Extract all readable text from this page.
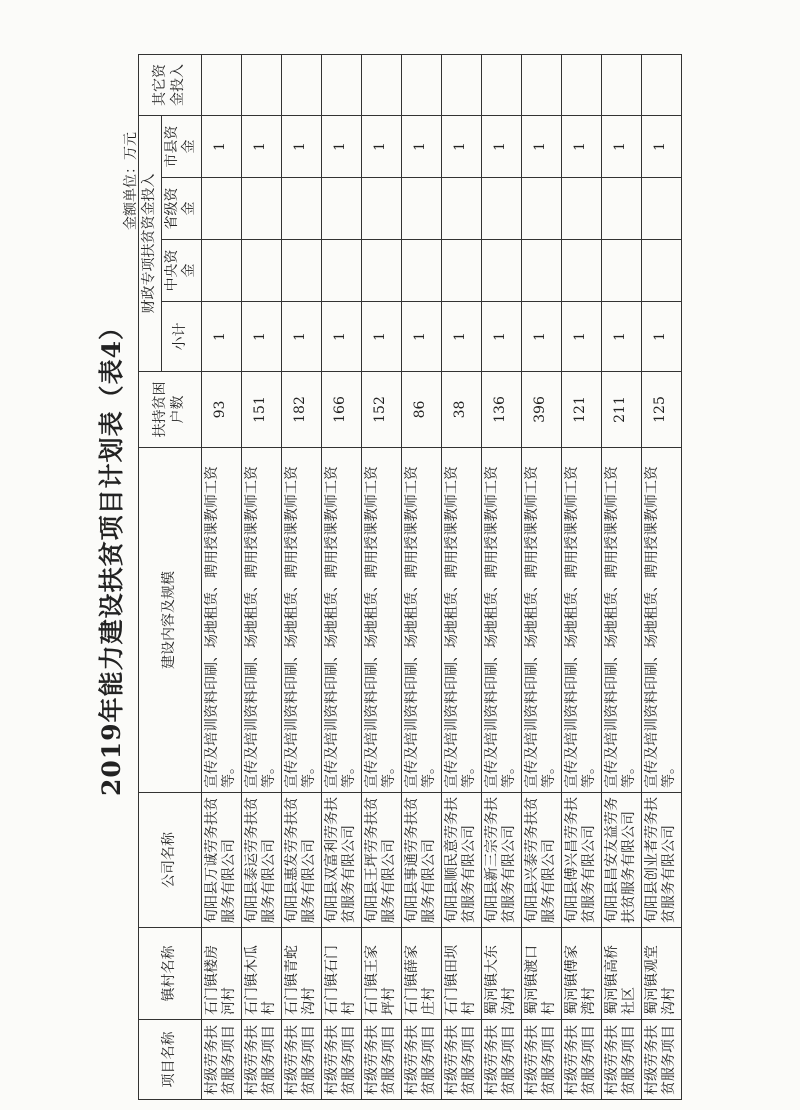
2019年能力建设扶贫项目计划表（表4）
金额单位：万元
项目名称	镇村名称	公司名称	建设内容及规模	扶持贫困户数	财政专项扶贫资金投入				其它资金投入
					小计	中央资金	省级资金	市县资金	
村级劳务扶贫服务项目	石门镇楼房河村	旬阳县万诚劳务扶贫服务有限公司	宣传及培训资料印刷、场地租赁、聘用授课教师工资等。	93	1			1	
村级劳务扶贫服务项目	石门镇木瓜村	旬阳县泰运劳务扶贫服务有限公司	宣传及培训资料印刷、场地租赁、聘用授课教师工资等。	151	1			1	
村级劳务扶贫服务项目	石门镇青蛇沟村	旬阳县惠发劳务扶贫服务有限公司	宣传及培训资料印刷、场地租赁、聘用授课教师工资等。	182	1			1	
村级劳务扶贫服务项目	石门镇石门村	旬阳县双富利劳务扶贫服务有限公司	宣传及培训资料印刷、场地租赁、聘用授课教师工资等。	166	1			1	
村级劳务扶贫服务项目	石门镇王家坪村	旬阳县王坪劳务扶贫服务有限公司	宣传及培训资料印刷、场地租赁、聘用授课教师工资等。	152	1			1	
村级劳务扶贫服务项目	石门镇薛家庄村	旬阳县事通劳务扶贫服务有限公司	宣传及培训资料印刷、场地租赁、聘用授课教师工资等。	86	1			1	
村级劳务扶贫服务项目	石门镇田坝村	旬阳县顺民意劳务扶贫服务有限公司	宣传及培训资料印刷、场地租赁、聘用授课教师工资等。	38	1			1	
村级劳务扶贫服务项目	蜀河镇大东沟村	旬阳县新三宗劳务扶贫服务有限公司	宣传及培训资料印刷、场地租赁、聘用授课教师工资等。	136	1			1	
村级劳务扶贫服务项目	蜀河镇渡口村	旬阳县兴泰劳务扶贫服务有限公司	宣传及培训资料印刷、场地租赁、聘用授课教师工资等。	396	1			1	
村级劳务扶贫服务项目	蜀河镇傅家湾村	旬阳县傅兴昌劳务扶贫服务有限公司	宣传及培训资料印刷、场地租赁、聘用授课教师工资等。	121	1			1	
村级劳务扶贫服务项目	蜀河镇高桥社区	旬阳县昌安友益劳务扶贫服务有限公司	宣传及培训资料印刷、场地租赁、聘用授课教师工资等。	211	1			1	
村级劳务扶贫服务项目	蜀河镇观堂沟村	旬阳县创业者劳务扶贫服务有限公司	宣传及培训资料印刷、场地租赁、聘用授课教师工资等。	125	1			1	
